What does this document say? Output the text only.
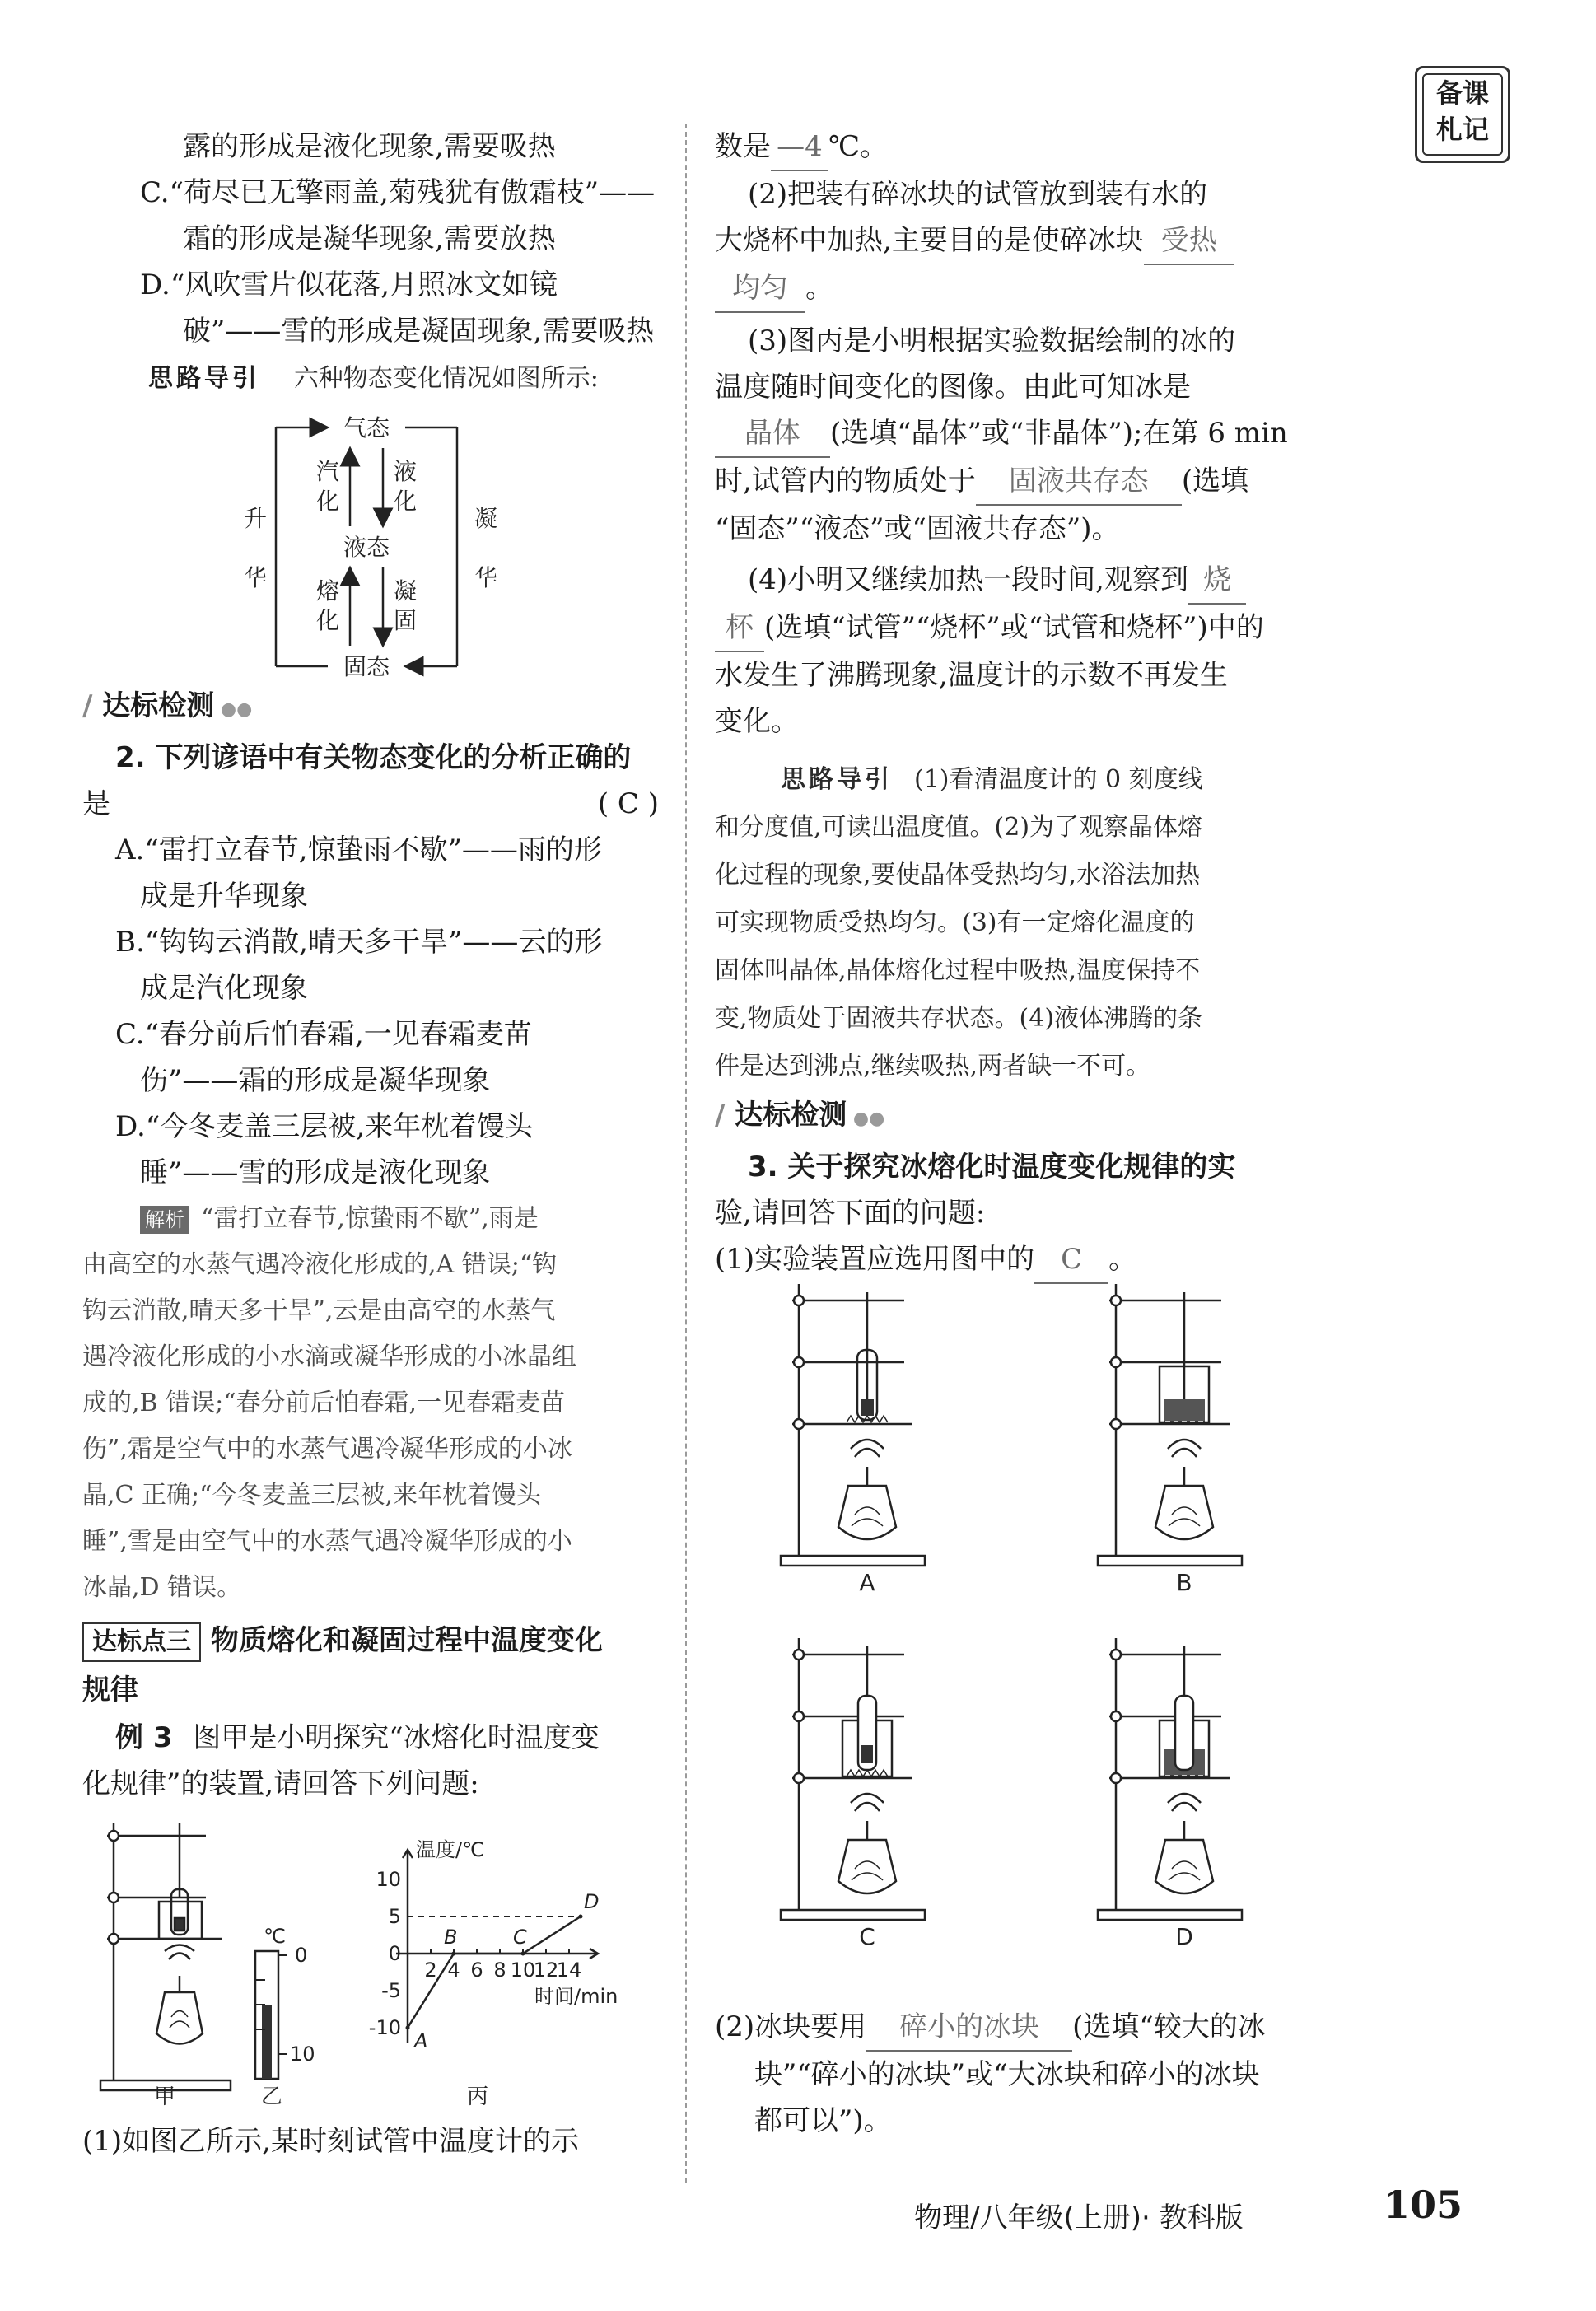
备课
札记
露的形成是液化现象,需要吸热
C.“荷尽已无擎雨盖,菊残犹有傲霜枝”——
霜的形成是凝华现象,需要放热
D.“风吹雪片似花落,月照冰文如镜
破”——雪的形成是凝固现象,需要吸热
思路导引 六种物态变化情况如图所示:
气态
液态
固态
汽化
液化
熔化
凝固
升华
凝华
∕ 达标检测 ●●
2. 下列谚语中有关物态变化的分析正确的
是	( C )
A.“雷打立春节,惊蛰雨不歇”——雨的形
成是升华现象
B.“钩钩云消散,晴天多干旱”——云的形
成是汽化现象
C.“春分前后怕春霜,一见春霜麦苗
伤”——霜的形成是凝华现象
D.“今冬麦盖三层被,来年枕着馒头
睡”——雪的形成是液化现象
解析 “雷打立春节,惊蛰雨不歇”,雨是
由高空的水蒸气遇冷液化形成的,A 错误;“钩
钩云消散,晴天多干旱”,云是由高空的水蒸气
遇冷液化形成的小水滴或凝华形成的小冰晶组
成的,B 错误;“春分前后怕春霜,一见春霜麦苗
伤”,霜是空气中的水蒸气遇冷凝华形成的小冰
晶,C 正确;“今冬麦盖三层被,来年枕着馒头
睡”,雪是由空气中的水蒸气遇冷凝华形成的小
冰晶,D 错误。
达标点三 物质熔化和凝固过程中温度变化
规律
例 3 图甲是小明探究“冰熔化时温度变
化规律”的装置,请回答下列问题:
甲
℃
0
10
乙
温度/℃
时间/min
10
5
0
-5
-10
2 4 6 8 10
12
14
A
B	C
D
丙
(1)如图乙所示,某时刻试管中温度计的示
数是 —4 ℃。
(2)把装有碎冰块的试管放到装有水的
大烧杯中加热,主要目的是使碎冰块 受热
均匀 。
(3)图丙是小明根据实验数据绘制的冰的
温度随时间变化的图像。由此可知冰是
晶体 (选填“晶体”或“非晶体”);在第 6 min
时,试管内的物质处于 固液共存态 (选填
“固态”“液态”或“固液共存态”)。
(4)小明又继续加热一段时间,观察到 烧
杯 (选填“试管”“烧杯”或“试管和烧杯”)中的
水发生了沸腾现象,温度计的示数不再发生
变化。
思路导引 (1)看清温度计的 0 刻度线
和分度值,可读出温度值。(2)为了观察晶体熔
化过程的现象,要使晶体受热均匀,水浴法加热
可实现物质受热均匀。(3)有一定熔化温度的
固体叫晶体,晶体熔化过程中吸热,温度保持不
变,物质处于固液共存状态。(4)液体沸腾的条
件是达到沸点,继续吸热,两者缺一不可。
∕ 达标检测 ●●
3. 关于探究冰熔化时温度变化规律的实
验,请回答下面的问题:
(1)实验装置应选用图中的 C 。
A	B
C	D
(2)冰块要用 碎小的冰块 (选填“较大的冰
块”“碎小的冰块”或“大冰块和碎小的冰块
都可以”)。
物理/八年级(上册)· 教科版	105
